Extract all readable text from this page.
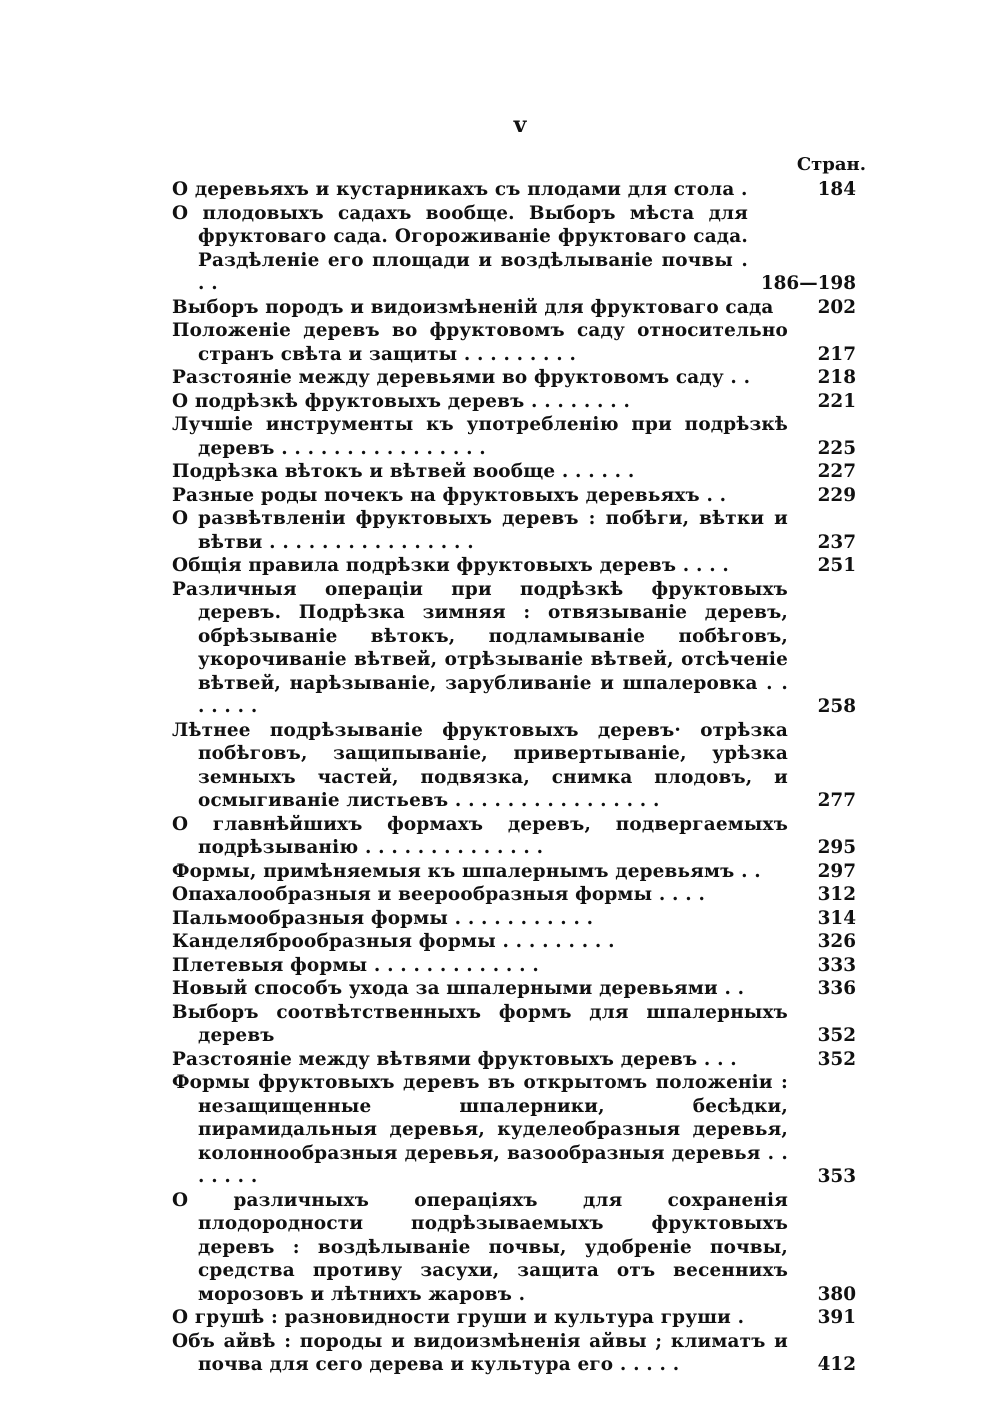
v
Стран.
О деревьяхъ и кустарникахъ съ плодами для стола .	184
О плодовыхъ садахъ вообще. Выборъ мѣста для фруктоваго сада. Огороживаніе фруктоваго сада. Раздѣленіе его площади и воздѣлываніе почвы . . .	186—198
Выборъ породъ и видоизмѣненій для фруктоваго сада	202
Положеніе деревъ во фруктовомъ саду относительно странъ свѣта и защиты . . . . . . . . .	217
Разстояніе между деревьями во фруктовомъ саду . .	218
О подрѣзкѣ фруктовыхъ деревъ . . . . . . . .	221
Лучшіе инструменты къ употребленію при подрѣзкѣ деревъ . . . . . . . . . . . . . . . .	225
Подрѣзка вѣтокъ и вѣтвей вообще . . . . . .	227
Разные роды почекъ на фруктовыхъ деревьяхъ . .	229
О развѣтвленіи фруктовыхъ деревъ : побѣги, вѣтки и вѣтви . . . . . . . . . . . . . . . .	237
Общія правила подрѣзки фруктовыхъ деревъ . . . .	251
Различныя операціи при подрѣзкѣ фруктовыхъ деревъ. Подрѣзка зимняя : отвязываніе деревъ, обрѣзываніе вѣтокъ, подламываніе побѣговъ, укорочиваніе вѣтвей, отрѣзываніе вѣтвей, отсѣченіе вѣтвей, нарѣзываніе, зарубливаніе и шпалеровка . . . . . . .	258
Лѣтнее подрѣзываніе фруктовыхъ деревъ· отрѣзка побѣговъ, защипываніе, привертываніе, урѣзка земныхъ частей, подвязка, снимка плодовъ, и осмыгиваніе листьевъ . . . . . . . . . . . . . . . .	277
О главнѣйшихъ формахъ деревъ, подвергаемыхъ подрѣзыванію . . . . . . . . . . . . . .	295
Формы, примѣняемыя къ шпалернымъ деревьямъ . .	297
Опахалообразныя и веерообразныя формы . . . .	312
Пальмообразныя формы . . . . . . . . . . .	314
Канделяброобразныя формы . . . . . . . . .	326
Плетевыя формы . . . . . . . . . . . . .	333
Новый способъ ухода за шпалерными деревьями . .	336
Выборъ соотвѣтственныхъ формъ для шпалерныхъ деревъ	352
Разстояніе между вѣтвями фруктовыхъ деревъ . . .	352
Формы фруктовыхъ деревъ въ открытомъ положеніи : незащищенные шпалерники, бесѣдки, пирамидальныя деревья, куделеобразныя деревья, колоннообразныя деревья, вазообразныя деревья . . . . . . .	353
О различныхъ операціяхъ для сохраненія плодородности подрѣзываемыхъ фруктовыхъ деревъ : воздѣлываніе почвы, удобреніе почвы, средства противу засухи, защита отъ весеннихъ морозовъ и лѣтнихъ жаровъ .	380
О грушѣ : разновидности груши и культура груши .	391
Объ айвѣ : породы и видоизмѣненія айвы ; климатъ и почва для сего дерева и культура его . . . . .	412
